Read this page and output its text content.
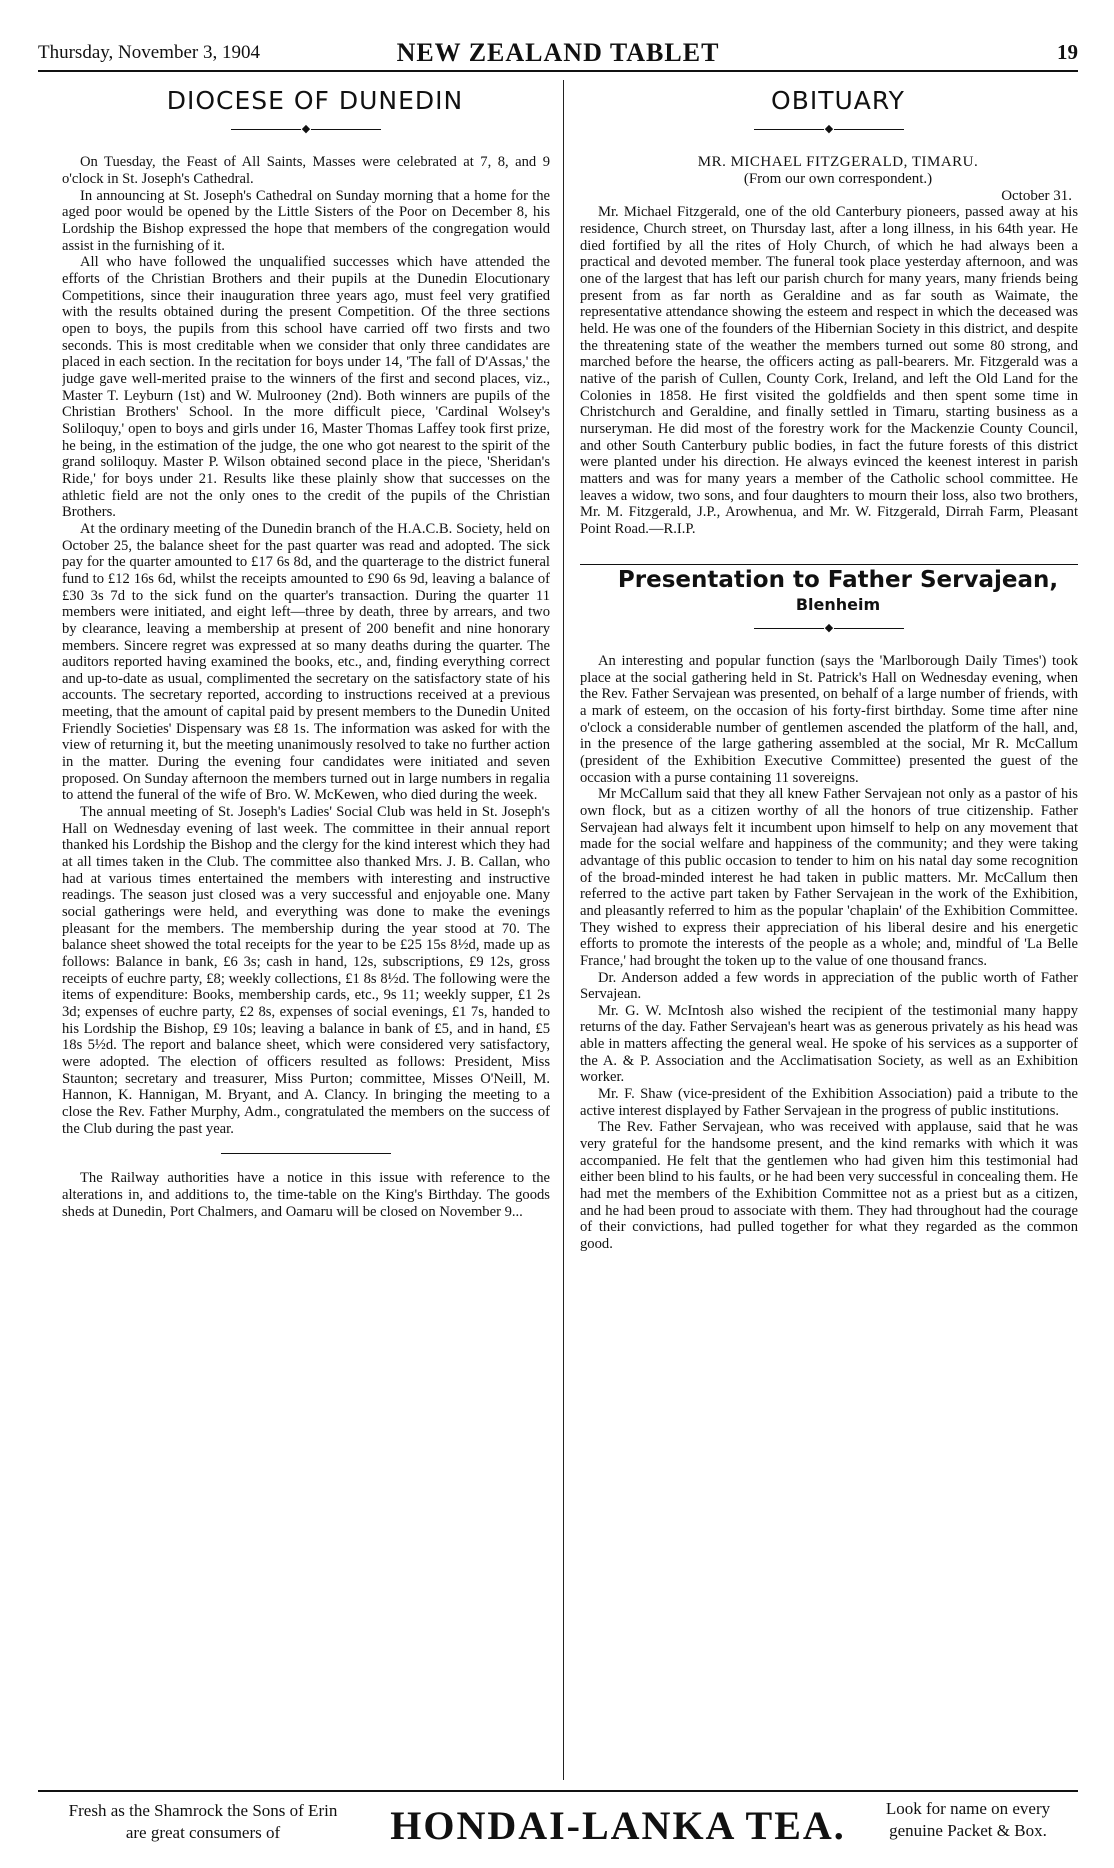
Thursday, November 3, 1904	NEW ZEALAND TABLET	19

DIOCESE OF DUNEDIN

◆

On Tuesday, the Feast of All Saints, Masses were celebrated at 7, 8, and 9 o'clock in St. Joseph's Cathedral.

In announcing at St. Joseph's Cathedral on Sunday morning that a home for the aged poor would be opened by the Little Sisters of the Poor on December 8, his Lordship the Bishop expressed the hope that members of the congregation would assist in the furnishing of it.

All who have followed the unqualified successes which have attended the efforts of the Christian Brothers and their pupils at the Dunedin Elocutionary Competitions, since their inauguration three years ago, must feel very gratified with the results obtained during the present Competition. Of the three sections open to boys, the pupils from this school have carried off two firsts and two seconds. This is most creditable when we consider that only three candidates are placed in each section. In the recitation for boys under 14, 'The fall of D'Assas,' the judge gave well-merited praise to the winners of the first and second places, viz., Master T. Leyburn (1st) and W. Mulrooney (2nd). Both winners are pupils of the Christian Brothers' School. In the more difficult piece, 'Cardinal Wolsey's Soliloquy,' open to boys and girls under 16, Master Thomas Laffey took first prize, he being, in the estimation of the judge, the one who got nearest to the spirit of the grand soliloquy. Master P. Wilson obtained second place in the piece, 'Sheridan's Ride,' for boys under 21. Results like these plainly show that successes on the athletic field are not the only ones to the credit of the pupils of the Christian Brothers.

At the ordinary meeting of the Dunedin branch of the H.A.C.B. Society, held on October 25, the balance sheet for the past quarter was read and adopted. The sick pay for the quarter amounted to £17 6s 8d, and the quarterage to the district funeral fund to £12 16s 6d, whilst the receipts amounted to £90 6s 9d, leaving a balance of £30 3s 7d to the sick fund on the quarter's transaction. During the quarter 11 members were initiated, and eight left—three by death, three by arrears, and two by clearance, leaving a membership at present of 200 benefit and nine honorary members. Sincere regret was expressed at so many deaths during the quarter. The auditors reported having examined the books, etc., and, finding everything correct and up-to-date as usual, complimented the secretary on the satisfactory state of his accounts. The secretary reported, according to instructions received at a previous meeting, that the amount of capital paid by present members to the Dunedin United Friendly Societies' Dispensary was £8 1s. The information was asked for with the view of returning it, but the meeting unanimously resolved to take no further action in the matter. During the evening four candidates were initiated and seven proposed. On Sunday afternoon the members turned out in large numbers in regalia to attend the funeral of the wife of Bro. W. McKewen, who died during the week.

The annual meeting of St. Joseph's Ladies' Social Club was held in St. Joseph's Hall on Wednesday evening of last week. The committee in their annual report thanked his Lordship the Bishop and the clergy for the kind interest which they had at all times taken in the Club. The committee also thanked Mrs. J. B. Callan, who had at various times entertained the members with interesting and instructive readings. The season just closed was a very successful and enjoyable one. Many social gatherings were held, and everything was done to make the evenings pleasant for the members. The membership during the year stood at 70. The balance sheet showed the total receipts for the year to be £25 15s 8½d, made up as follows: Balance in bank, £6 3s; cash in hand, 12s, subscriptions, £9 12s, gross receipts of euchre party, £8; weekly collections, £1 8s 8½d. The following were the items of expenditure: Books, membership cards, etc., 9s 11; weekly supper, £1 2s 3d; expenses of euchre party, £2 8s, expenses of social evenings, £1 7s, handed to his Lordship the Bishop, £9 10s; leaving a balance in bank of £5, and in hand, £5 18s 5½d. The report and balance sheet, which were considered very satisfactory, were adopted. The election of officers resulted as follows: President, Miss Staunton; secretary and treasurer, Miss Purton; committee, Misses O'Neill, M. Hannon, K. Hannigan, M. Bryant, and A. Clancy. In bringing the meeting to a close the Rev. Father Murphy, Adm., congratulated the members on the success of the Club during the past year.

The Railway authorities have a notice in this issue with reference to the alterations in, and additions to, the time-table on the King's Birthday. The goods sheds at Dunedin, Port Chalmers, and Oamaru will be closed on November 9...

OBITUARY

◆

MR. MICHAEL FITZGERALD, TIMARU.

(From our own correspondent.)

October 31.

Mr. Michael Fitzgerald, one of the old Canterbury pioneers, passed away at his residence, Church street, on Thursday last, after a long illness, in his 64th year. He died fortified by all the rites of Holy Church, of which he had always been a practical and devoted member. The funeral took place yesterday afternoon, and was one of the largest that has left our parish church for many years, many friends being present from as far north as Geraldine and as far south as Waimate, the representative attendance showing the esteem and respect in which the deceased was held. He was one of the founders of the Hibernian Society in this district, and despite the threatening state of the weather the members turned out some 80 strong, and marched before the hearse, the officers acting as pall-bearers. Mr. Fitzgerald was a native of the parish of Cullen, County Cork, Ireland, and left the Old Land for the Colonies in 1858. He first visited the goldfields and then spent some time in Christchurch and Geraldine, and finally settled in Timaru, starting business as a nurseryman. He did most of the forestry work for the Mackenzie County Council, and other South Canterbury public bodies, in fact the future forests of this district were planted under his direction. He always evinced the keenest interest in parish matters and was for many years a member of the Catholic school committee. He leaves a widow, two sons, and four daughters to mourn their loss, also two brothers, Mr. M. Fitzgerald, J.P., Arowhenua, and Mr. W. Fitzgerald, Dirrah Farm, Pleasant Point Road.—R.I.P.

Presentation to Father Servajean,

Blenheim

◆

An interesting and popular function (says the 'Marlborough Daily Times') took place at the social gathering held in St. Patrick's Hall on Wednesday evening, when the Rev. Father Servajean was presented, on behalf of a large number of friends, with a mark of esteem, on the occasion of his forty-first birthday. Some time after nine o'clock a considerable number of gentlemen ascended the platform of the hall, and, in the presence of the large gathering assembled at the social, Mr R. McCallum (president of the Exhibition Executive Committee) presented the guest of the occasion with a purse containing 11 sovereigns.

Mr McCallum said that they all knew Father Servajean not only as a pastor of his own flock, but as a citizen worthy of all the honors of true citizenship. Father Servajean had always felt it incumbent upon himself to help on any movement that made for the social welfare and happiness of the community; and they were taking advantage of this public occasion to tender to him on his natal day some recognition of the broad-minded interest he had taken in public matters. Mr. McCallum then referred to the active part taken by Father Servajean in the work of the Exhibition, and pleasantly referred to him as the popular 'chaplain' of the Exhibition Committee. They wished to express their appreciation of his liberal desire and his energetic efforts to promote the interests of the people as a whole; and, mindful of 'La Belle France,' had brought the token up to the value of one thousand francs.

Dr. Anderson added a few words in appreciation of the public worth of Father Servajean.

Mr. G. W. McIntosh also wished the recipient of the testimonial many happy returns of the day. Father Servajean's heart was as generous privately as his head was able in matters affecting the general weal. He spoke of his services as a supporter of the A. & P. Association and the Acclimatisation Society, as well as an Exhibition worker.

Mr. F. Shaw (vice-president of the Exhibition Association) paid a tribute to the active interest displayed by Father Servajean in the progress of public institutions.

The Rev. Father Servajean, who was received with applause, said that he was very grateful for the handsome present, and the kind remarks with which it was accompanied. He felt that the gentlemen who had given him this testimonial had either been blind to his faults, or he had been very successful in concealing them. He had met the members of the Exhibition Committee not as a priest but as a citizen, and he had been proud to associate with them. They had throughout had the courage of their convictions, had pulled together for what they regarded as the common good.

Fresh as the Shamrock the Sons of Erin are great consumers of	HONDAI-LANKA TEA.	Look for name on every genuine Packet & Box.
